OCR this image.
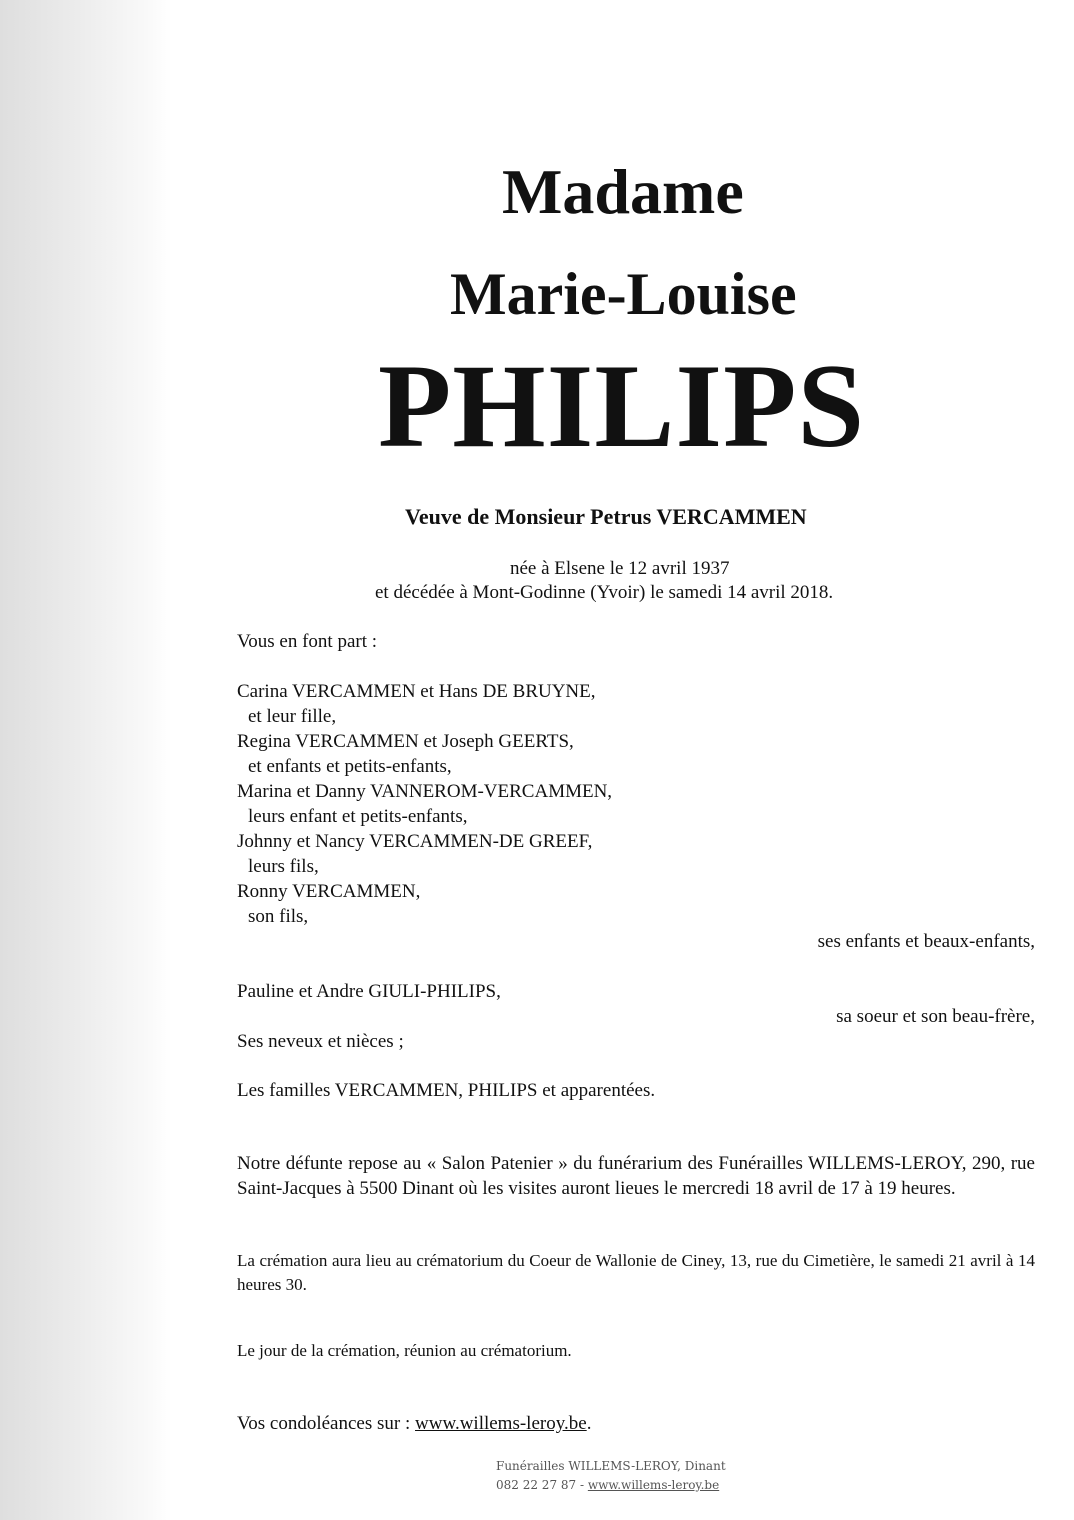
Madame
Marie-Louise
PHILIPS
Veuve de Monsieur Petrus VERCAMMEN
née à Elsene le 12 avril 1937
et décédée à Mont-Godinne (Yvoir) le samedi 14 avril 2018.
Vous en font part :
Carina VERCAMMEN et Hans DE BRUYNE,
et leur fille,
Regina VERCAMMEN et Joseph GEERTS,
et enfants et petits-enfants,
Marina et Danny VANNEROM-VERCAMMEN,
leurs enfant et petits-enfants,
Johnny et Nancy VERCAMMEN-DE GREEF,
leurs fils,
Ronny VERCAMMEN,
son fils,
ses enfants et beaux-enfants,
Pauline et Andre GIULI-PHILIPS,
sa soeur et son beau-frère,
Ses neveux et nièces ;
Les familles VERCAMMEN, PHILIPS et apparentées.
Notre défunte repose au « Salon Patenier » du funérarium des Funérailles WILLEMS-LEROY, 290, rue Saint-Jacques à 5500 Dinant où les visites auront lieues le mercredi 18 avril de 17 à 19 heures.
La crémation aura lieu au crématorium du Coeur de Wallonie de Ciney, 13, rue du Cimetière, le samedi 21 avril à 14 heures 30.
Le jour de la crémation, réunion au crématorium.
Vos condoléances sur : www.willems-leroy.be.
Funérailles WILLEMS-LEROY, Dinant
082 22 27 87 - www.willems-leroy.be
